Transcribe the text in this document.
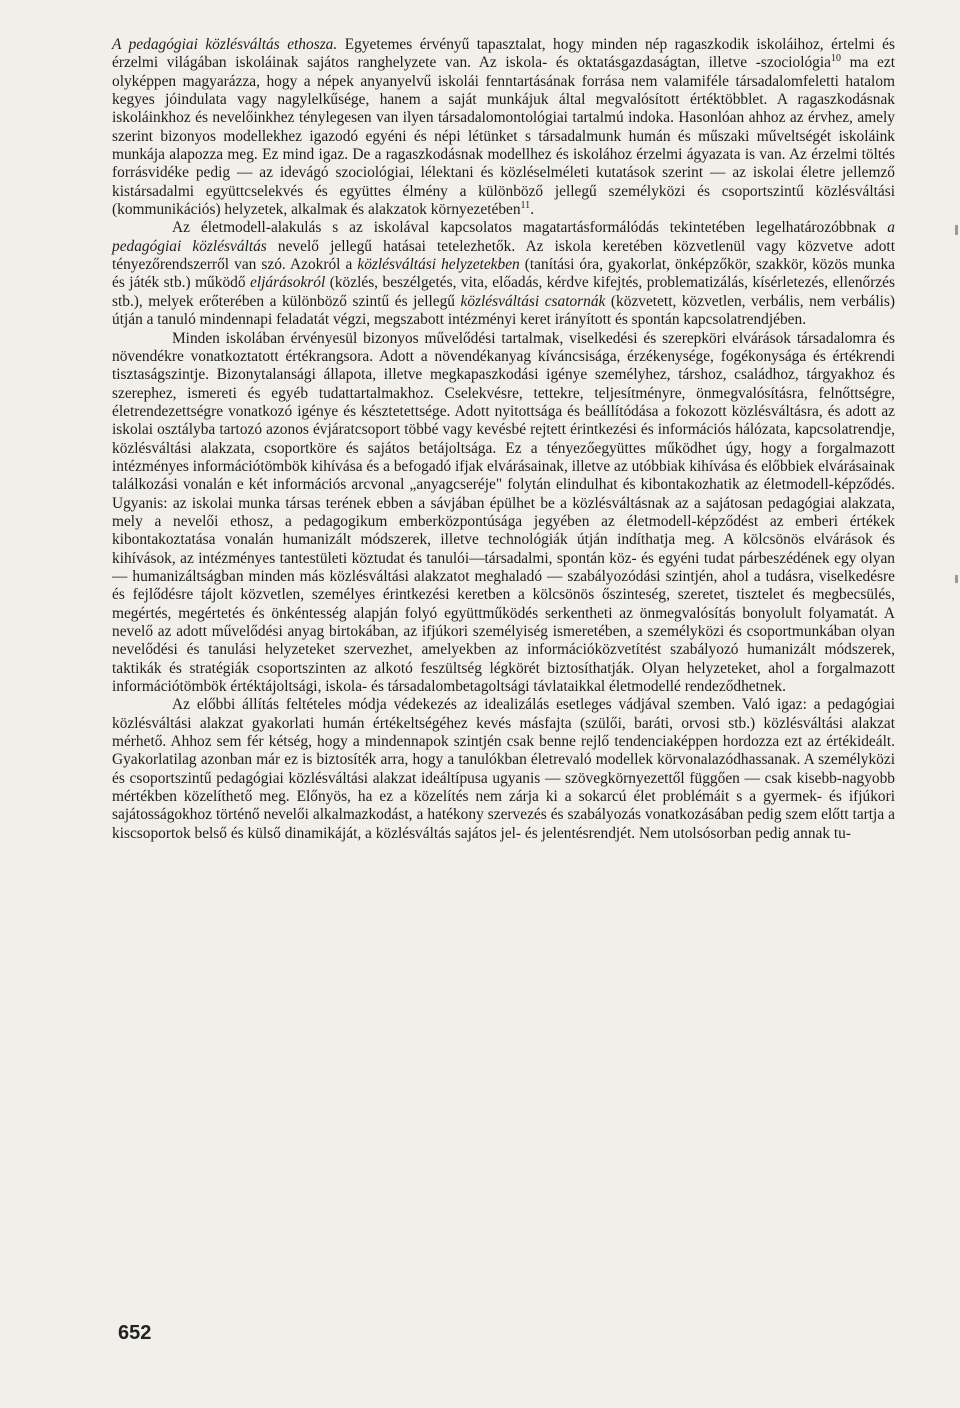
A pedagógiai közlésváltás ethosza. Egyetemes érvényű tapasztalat, hogy minden nép ragaszkodik iskoláihoz, értelmi és érzelmi világában iskoláinak sajátos ranghelyzete van. Az iskola- és oktatásgazdaságtan, illetve -szociológia$^{10}$ ma ezt olyképpen magyarázza, hogy a népek anyanyelvű iskolái fenntartásának forrása nem valamiféle társadalomfeletti hatalom kegyes jóindulata vagy nagylelkűsége, hanem a saját munkájuk által megvalósított értéktöbblet. A ragaszkodásnak iskoláinkhoz és nevelőinkhez ténylegesen van ilyen társadalomontológiai tartalmú indoka. Hasonlóan ahhoz az érvhez, amely szerint bizonyos modellekhez igazodó egyéni és népi létünket s társadalmunk humán és műszaki műveltségét iskoláink munkája alapozza meg. Ez mind igaz. De a ragaszkodásnak modellhez és iskolához érzelmi ágyazata is van. Az érzelmi töltés forrásvidéke pedig — az idevágó szociológiai, lélektani és közléselméleti kutatások szerint — az iskolai életre jellemző kistársadalmi együttcselekvés és együttes élmény a különböző jellegű személyközi és csoportszintű közlésváltási (kommunikációs) helyzetek, alkalmak és alakzatok környezetében$^{11}$.

Az életmodell-alakulás s az iskolával kapcsolatos magatartásformálódás tekintetében legelhatározóbbnak a pedagógiai közlésváltás nevelő jellegű hatásai tetelezhetők. Az iskola keretében közvetlenül vagy közvetve adott tényezőrendszerről van szó. Azokról a közlésváltási helyzetekben (tanítási óra, gyakorlat, önképzőkör, szakkör, közös munka és játék stb.) működő eljárásokról (közlés, beszélgetés, vita, előadás, kérdve kifejtés, problematizálás, kísérletezés, ellenőrzés stb.), melyek erőterében a különböző szintű és jellegű közlésváltási csatornák (közvetett, közvetlen, verbális, nem verbális) útján a tanuló mindennapi feladatát végzi, megszabott intézményi keret irányított és spontán kapcsolatrendjében.

Minden iskolában érvényesül bizonyos művelődési tartalmak, viselkedési és szerepköri elvárások társadalomra és növendékre vonatkoztatott értékrangsora. Adott a növendékanyag kíváncsisága, érzékenysége, fogékonysága és értékrendi tisztaságszintje. Bizonytalansági állapota, illetve megkapaszkodási igénye személyhez, társhoz, családhoz, tárgyakhoz és szerephez, ismereti és egyéb tudattartalmakhoz. Cselekvésre, tettekre, teljesítményre, önmegvalósításra, felnőttségre, életrendezettségre vonatkozó igénye és késztetettsége. Adott nyitottsága és beállítódása a fokozott közlésváltásra, és adott az iskolai osztályba tartozó azonos évjáratcsoport többé vagy kevésbé rejtett érintkezési és információs hálózata, kapcsolatrendje, közlésváltási alakzata, csoportköre és sajátos betájoltsága. Ez a tényezőegyüttes működhet úgy, hogy a forgalmazott intézményes információtömbök kihívása és a befogadó ifjak elvárásainak, illetve az utóbbiak kihívása és előbbiek elvárásainak találkozási vonalán e két információs arcvonal „anyagcseréje" folytán elindulhat és kibontakozhatik az életmodell-képződés. Ugyanis: az iskolai munka társas terének ebben a sávjában épülhet be a közlésváltásnak az a sajátosan pedagógiai alakzata, mely a nevelői ethosz, a pedagogikum emberközpontúsága jegyében az életmodell-képződést az emberi értékek kibontakoztatása vonalán humanizált módszerek, illetve technológiák útján indíthatja meg. A kölcsönös elvárások és kihívások, az intézményes tantestületi köztudat és tanulói—társadalmi, spontán köz- és egyéni tudat párbeszédének egy olyan — humanizáltságban minden más közlésváltási alakzatot meghaladó — szabályozódási szintjén, ahol a tudásra, viselkedésre és fejlődésre tájolt közvetlen, személyes érintkezési keretben a kölcsönös őszinteség, szeretet, tisztelet és megbecsülés, megértés, megértetés és önkéntesség alapján folyó együttműködés serkentheti az önmegvalósítás bonyolult folyamatát. A nevelő az adott művelődési anyag birtokában, az ifjúkori személyiség ismeretében, a személyközi és csoportmunkában olyan nevelődési és tanulási helyzeteket szervezhet, amelyekben az információközvetítést szabályozó humanizált módszerek, taktikák és stratégiák csoportszinten az alkotó feszültség légkörét biztosíthatják. Olyan helyzeteket, ahol a forgalmazott információtömbök értéktájoltsági, iskola- és társadalombetagoltsági távlataikkal életmodellé rendeződhetnek.

Az előbbi állítás feltételes módja védekezés az idealizálás esetleges vádjával szemben. Való igaz: a pedagógiai közlésváltási alakzat gyakorlati humán értékeltségéhez kevés másfajta (szülői, baráti, orvosi stb.) közlésváltási alakzat mérhető. Ahhoz sem fér kétség, hogy a mindennapok szintjén csak benne rejlő tendenciaképpen hordozza ezt az értékideált. Gyakorlatilag azonban már ez is biztosíték arra, hogy a tanulókban életrevaló modellek körvonalazódhassanak. A személyközi és csoportszintű pedagógiai közlésváltási alakzat ideáltípusa ugyanis — szövegkörnyezettől függően — csak kisebb-nagyobb mértékben közelíthető meg. Előnyös, ha ez a közelítés nem zárja ki a sokarcú élet problémáit s a gyermek- és ifjúkori sajátosságokhoz történő nevelői alkalmazkodást, a hatékony szervezés és szabályozás vonatkozásában pedig szem előtt tartja a kiscsoportok belső és külső dinamikáját, a közlésváltás sajátos jel- és jelentésrendjét. Nem utolsósorban pedig annak tu-

652
